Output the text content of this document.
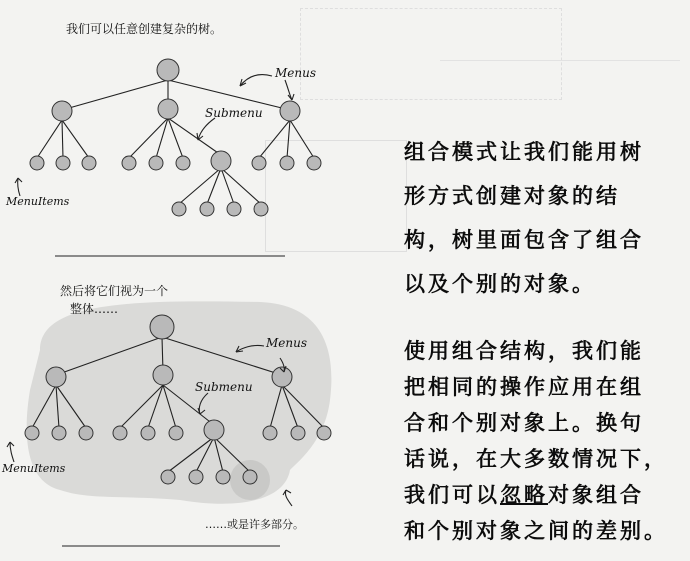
我们可以任意创建复杂的树。
Menus
Submenu
MenuItems
然后将它们视为一个
整体……
Menus
Submenu
MenuItems
……或是许多部分。
组合模式让我们能用树
形方式创建对象的结
构，树里面包含了组合
以及个别的对象。
使用组合结构，我们能
把相同的操作应用在组
合和个别对象上。换句
话说，在大多数情况下，
我们可以忽略对象组合
和个别对象之间的差别。
